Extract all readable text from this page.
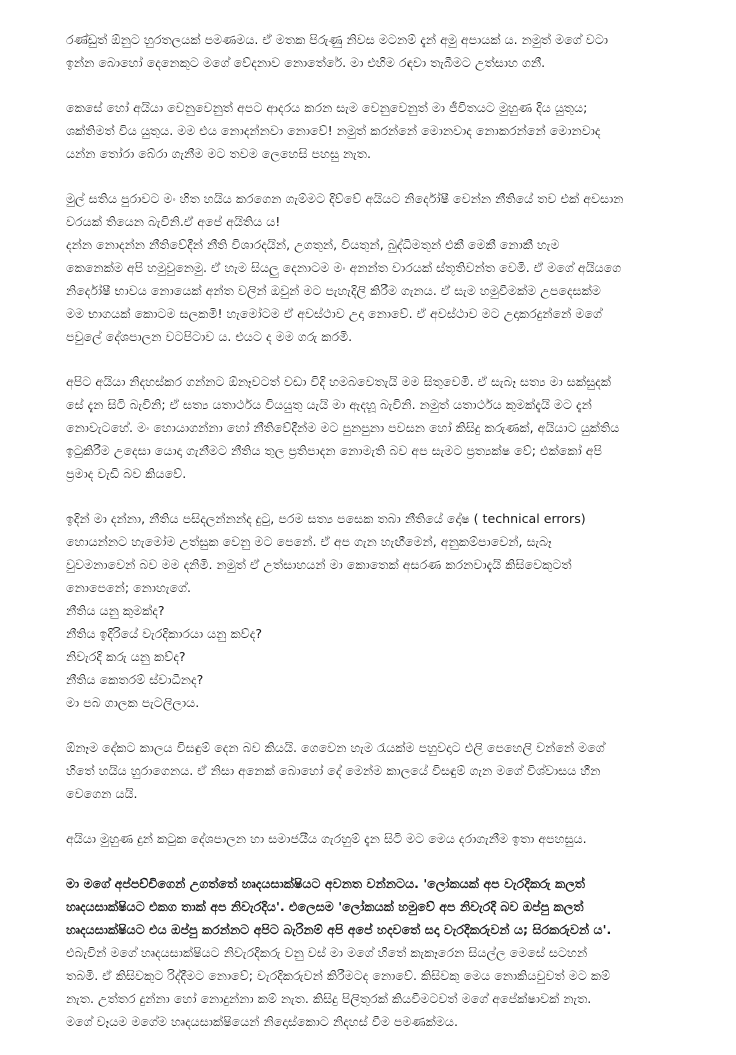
රණ්ඩුත් ඕනුට හුරතලයක් පමණමය. ඒ මතක පිරුණු නිවස මටනම් දැන් අමු අපායක් ය. නමුත් මගේ වටා
ඉන්න බොහෝ දෙනෙකුට මගේ වේදනාව නොතේරේ. මා එහිම රඳවා තැබීමට උත්සාහ ගනී.

කෙසේ හෝ අයියා වෙනුවෙනුත් අපට ආදරය කරන සැම වෙනුවෙනුත් මා ජීවිතයට මුහුණ දිය යුතුය;
ශක්තිමත් විය යුතුය. මම එය නොදන්නවා නොවේ! නමුත් කරන්නේ මොනවාද නොකරන්නේ මොනවාද
යන්න තෝරා බේරා ගැනීම මට තවම ලෙහෙසි පහසු නැත.

මුල් සතිය පුරාවට මං හිත හයිය කරගෙන ගැම්මට දිව්වේ අයියට නිර්දෝෂී වෙන්න නීතියේ තව එක් අවසාන
වරයක් තියෙන බැවිනි.ඒ අපේ අයිතිය ය!
දන්න නොදන්න නීතිවේදීන් නීති විශාරදයින්, උගතුන්, වියතුන්, බුද්ධිමතුන් එකී මෙකී නොකී හැම
කෙනෙක්ම අපි හමුවුනෙමු. ඒ හැම සියලු දෙනාටම මං අනන්ත වාරයක් ස්තූතිවන්ත වෙමි. ඒ මගේ අයියගෙ
නිර්දෝෂී භාවය නොයෙක් අන්ත වලින් ඔවුන් මට පැහැදිලි කිරීම ගැනය. ඒ සැම හමුවීමක්ම උපදෙසක්ම
මම භාගයක් කොටම සලකමි! හැමෝටම ඒ අවස්ථාව උදා නොවේ. ඒ අවස්ථාව මට උදාකරදුන්නේ මගේ
පවුලේ දේශපාලන වටපිටාව ය. එයට ද මම ගරු කරමි.

අපිට අයියා නිදහස්කර ගන්නට ඕනෑවටත් වඩා විදි හමබවෙතැයි මම සිතුවෙමි. ඒ සැබෑ සත්‍ය මා සක්සුදක්
සේ දැන සිටි බැවිනි; ඒ සත්‍ය යතාර්ථය වියයුතු යැයි මා ඇදහූ බැවිනි. නමුත් යතාර්ථය කුමක්දැයි මට දැන්
නොවැටහේ. මං හොයාගන්නා හෝ නීතිවේදීන්ම මට පුනපුනා පවසන හෝ කිසිදු කරුණක්, අයියාට යුක්තිය
ඉටුකිරීම උදෙසා යොදා ගැනීමට නීතිය තුල ප්‍රතිපාදන නොමැති බව අප සැමට ප්‍රත්‍යක්ෂ වේ; එක්කෝ අපි
ප්‍රමාද වැඩි බව කියවේ.

ඉදින් මා දන්නා, නීතිය පසිදලන්නන්ද දුටු, පරම සත්‍ය පසෙක තබා නීතියේ දෝෂ ( technical errors)
හොයන්නට හැමෝම උත්සුක වෙනු මට පෙනේ. ඒ අප ගැන හැඟීමෙන්, අනුකම්පාවෙන්, සැබෑ
වුවමනාවෙන් බව මම දනිමි. නමුත් ඒ උත්සාහයන් මා කොතෙක් අසරණ කරනවාදැයි කිසිවෙකුටත්
නොපෙනේ; නොහැගේ.
නීතිය යනු කුමක්ද?
නීතිය ඉදිරියේ වැරදිකාරයා යනු කව්ද?
නිවැරදි කරු යනු කව්ද?
නීතිය කෙතරම් ස්වාධීනද?
මා පබ ගාලක පැටලිලාය.

ඕනෑම දේකට කාලය විසඳුම් දෙන බව කියයි. ගෙවෙන හැම රැයක්ම පහුවදාට එලි පෙහෙලි වන්නේ මගේ
හිතේ හයිය හුරාගෙනය. ඒ නිසා අනෙක් බොහෝ දේ මෙන්ම කාලයේ විසඳුම් ගැන මගේ විශ්වාසය හීන
වෙගෙන යයි.

අයියා මුහුණ දුන් කටුක දේශපාලන හා සමාජයීය ගැරහුම් දැන සිටි මට මෙය දරාගැනීම ඉතා අපහසුය.

මා මගේ අප්පච්චිගෙන් උගත්තේ හෘදයසාක්ෂියට අවනත වන්නටය. 'ලෝකයක් අප වැරදිකරු කලත්
හෘදයසාක්ෂියට එකග තාක් අප නිවැරදිය'. එලෙසම 'ලෝකයක් හමුවේ අප නිවැරදි බව ඔප්පු කලත්
හෘදයසාක්ෂියට එය ඔප්පු කරන්නට අපිට බැරිනම් අපි අපේ හදවතේ සදා වැරදිකරුවන් ය; සිරකරුවන් ය'.
එබැවින් මගේ හෘදයසාක්ෂියට නිවැරදිකරු වනු වස් මා මගේ හිතේ කැකෑරෙන සියල්ල මෙසේ සටහන්
තබමි. ඒ කිසිවකුට රිද්දීමට නොවේ; වැරදිකරුවන් කිරීමටද නොවේ. කිසිවකු මෙය නොකියවුවත් මට කම්
නැත. උත්තර දුන්නා හෝ නොදුන්නා කම් නැත. කිසිදු පිලිතුරක් කියවීමටවත් මගේ අපේක්ෂාවක් නැත.
මගේ වෑයම මගේම හෘදයසාක්ෂියෙන් නිදොස්කොට නිදහස් වීම පමණක්මය.
